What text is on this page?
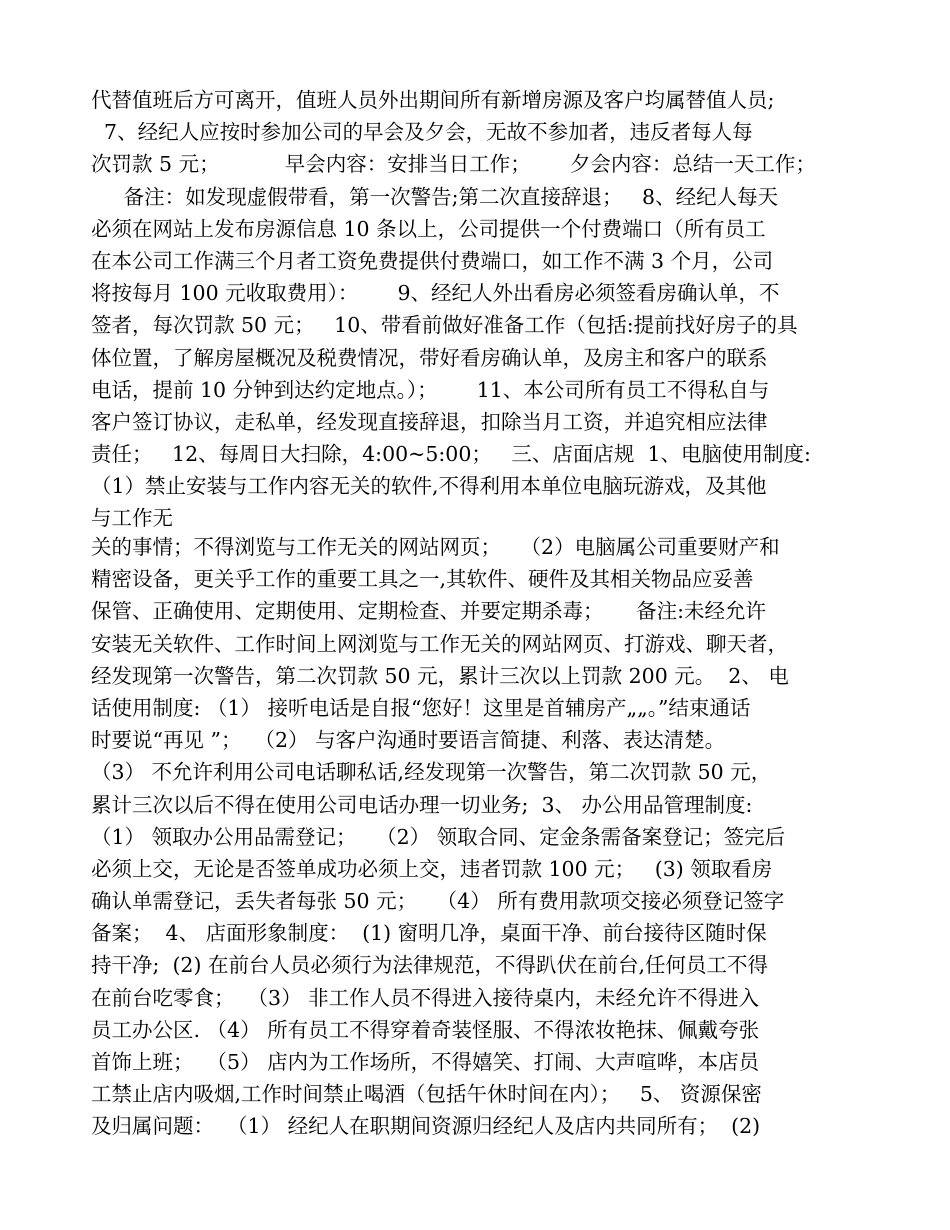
代替值班后方可离开，值班人员外出期间所有新增房源及客户均属替值人员;
7、经纪人应按时参加公司的早会及夕会，无故不参加者，违反者每人每
次罚款 5 元；          早会内容：安排当日工作；      夕会内容：总结一天工作；
备注：如发现虚假带看，第一次警告;第二次直接辞退；   8、经纪人每天
必须在网站上发布房源信息 10 条以上，公司提供一个付费端口（所有员工
在本公司工作满三个月者工资免费提供付费端口，如工作不满 3 个月，公司
将按每月 100 元收取费用）：      9、经纪人外出看房必须签看房确认单，不
签者，每次罚款 50 元；   10、带看前做好准备工作（包括:提前找好房子的具
体位置，了解房屋概况及税费情况，带好看房确认单，及房主和客户的联系
电话，提前 10 分钟到达约定地点。）；      11、本公司所有员工不得私自与
客户签订协议，走私单，经发现直接辞退，扣除当月工资，并追究相应法律
责任；   12、每周日大扫除，4:00~5:00；   三、店面店规  1、电脑使用制度:
（1）禁止安装与工作内容无关的软件,不得利用本单位电脑玩游戏，及其他
与工作无
关的事情；不得浏览与工作无关的网站网页；   （2）电脑属公司重要财产和
精密设备，更关乎工作的重要工具之一,其软件、硬件及其相关物品应妥善
保管、正确使用、定期使用、定期检查、并要定期杀毒；     备注:未经允许
安装无关软件、工作时间上网浏览与工作无关的网站网页、打游戏、聊天者，
经发现第一次警告，第二次罚款 50 元，累计三次以上罚款 200 元。  2、 电
话使用制度: （1） 接听电话是自报“您好！这里是首辅房产„„。”结束通话
时要说“再见 ”；  （2） 与客户沟通时要语言简捷、利落、表达清楚。
（3） 不允许利用公司电话聊私话,经发现第一次警告，第二次罚款 50 元，
累计三次以后不得在使用公司电话办理一切业务;  3、 办公用品管理制度:
（1） 领取办公用品需登记；   （2） 领取合同、定金条需备案登记；签完后
必须上交，无论是否签单成功必须上交，违者罚款 100 元；   (3) 领取看房
确认单需登记，丢失者每张 50 元；   （4） 所有费用款项交接必须登记签字
备案；  4、 店面形象制度：  (1) 窗明几净，桌面干净、前台接待区随时保
持干净;  (2) 在前台人员必须行为法律规范，不得趴伏在前台,任何员工不得
在前台吃零食；  （3） 非工作人员不得进入接待桌内，未经允许不得进入
员工办公区. （4） 所有员工不得穿着奇装怪服、不得浓妆艳抹、佩戴夸张
首饰上班；  （5） 店内为工作场所，不得嬉笑、打闹、大声喧哗，本店员
工禁止店内吸烟,工作时间禁止喝酒（包括午休时间在内）；   5、 资源保密
及归属问题：  （1） 经纪人在职期间资源归经纪人及店内共同所有；  (2)
